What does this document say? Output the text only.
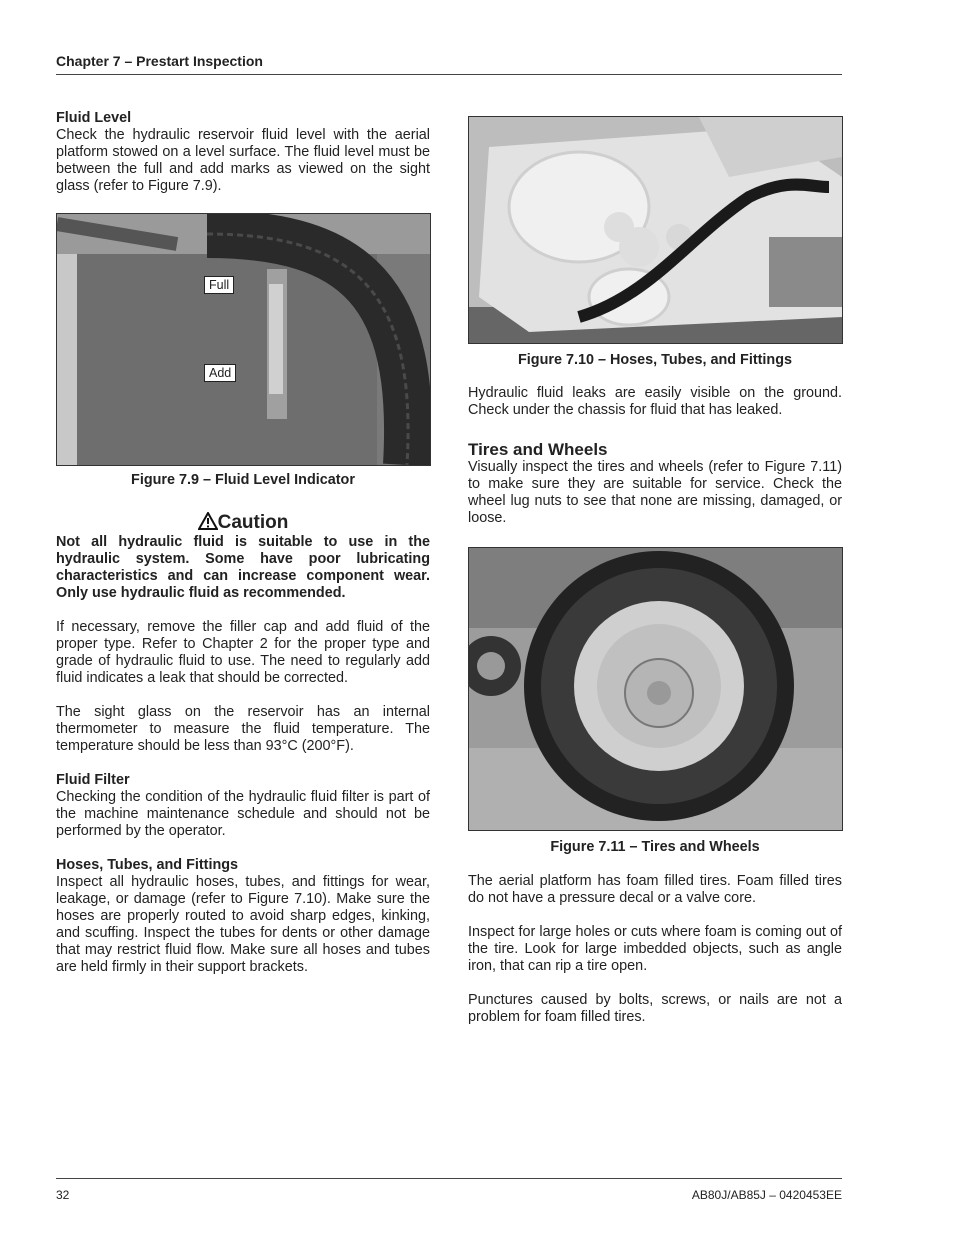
Chapter 7 – Prestart Inspection
Fluid Level

Check the hydraulic reservoir fluid level with the aerial platform stowed on a level surface. The fluid level must be between the full and add marks as viewed on the sight glass (refer to Figure 7.9).

Full
Add
Figure 7.9 – Fluid Level Indicator
Caution

Not all hydraulic fluid is suitable to use in the hydraulic system. Some have poor lubricating characteristics and can increase component wear. Only use hydraulic fluid as recommended.

If necessary, remove the filler cap and add fluid of the proper type. Refer to Chapter 2 for the proper type and grade of hydraulic fluid to use. The need to regularly add fluid indicates a leak that should be corrected.

The sight glass on the reservoir has an internal thermometer to measure the fluid temperature. The temperature should be less than 93°C (200°F).

Fluid Filter

Checking the condition of the hydraulic fluid filter is part of the machine maintenance schedule and should not be performed by the operator.

Hoses, Tubes, and Fittings

Inspect all hydraulic hoses, tubes, and fittings for wear, leakage, or damage (refer to Figure 7.10). Make sure the hoses are properly routed to avoid sharp edges, kinking, and scuffing. Inspect the tubes for dents or other damage that may restrict fluid flow. Make sure all hoses and tubes are held firmly in their support brackets.

Figure 7.10 – Hoses, Tubes, and Fittings

Hydraulic fluid leaks are easily visible on the ground. Check under the chassis for fluid that has leaked.

Tires and Wheels

Visually inspect the tires and wheels (refer to Figure 7.11) to make sure they are suitable for service. Check the wheel lug nuts to see that none are missing, damaged, or loose.

Figure 7.11 – Tires and Wheels

The aerial platform has foam filled tires. Foam filled tires do not have a pressure decal or a valve core.

Inspect for large holes or cuts where foam is coming out of the tire. Look for large imbedded objects, such as angle iron, that can rip a tire open.

Punctures caused by bolts, screws, or nails are not a problem for foam filled tires.

32	AB80J/AB85J – 0420453EE
